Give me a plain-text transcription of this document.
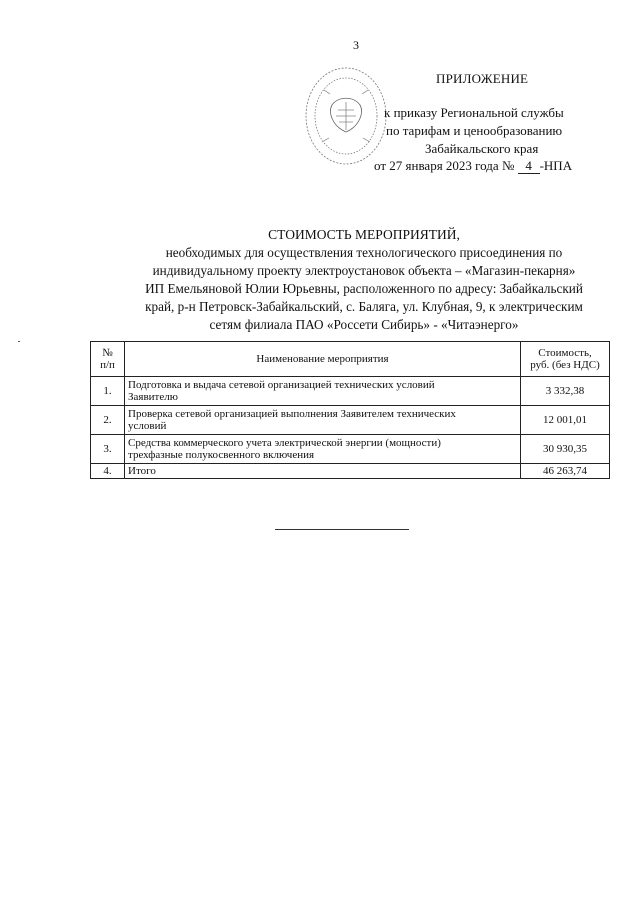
3
ПРИЛОЖЕНИЕ
к приказу Региональной службы
по тарифам и ценообразованию
Забайкальского края
от 27 января 2023 года № 4 -НПА
СТОИМОСТЬ МЕРОПРИЯТИЙ,
необходимых для осуществления технологического присоединения по
индивидуальному проекту электроустановок объекта – «Магазин-пекарня»
ИП Емельяновой Юлии Юрьевны, расположенного по адресу: Забайкальский
край, р-н Петровск-Забайкальский, с. Баляга, ул. Клубная, 9, к электрическим
сетям филиала ПАО «Россети Сибирь» - «Читаэнерго»
№
п/п	Наименование мероприятия	Стоимость,
руб. (без НДС)
1.	Подготовка и выдача сетевой организацией технических условий
Заявителю	3 332,38
2.	Проверка сетевой организацией выполнения Заявителем технических
условий	12 001,01
3.	Средства коммерческого учета электрической энергии (мощности)
трехфазные полукосвенного включения	30 930,35
4.	Итого	46 263,74
